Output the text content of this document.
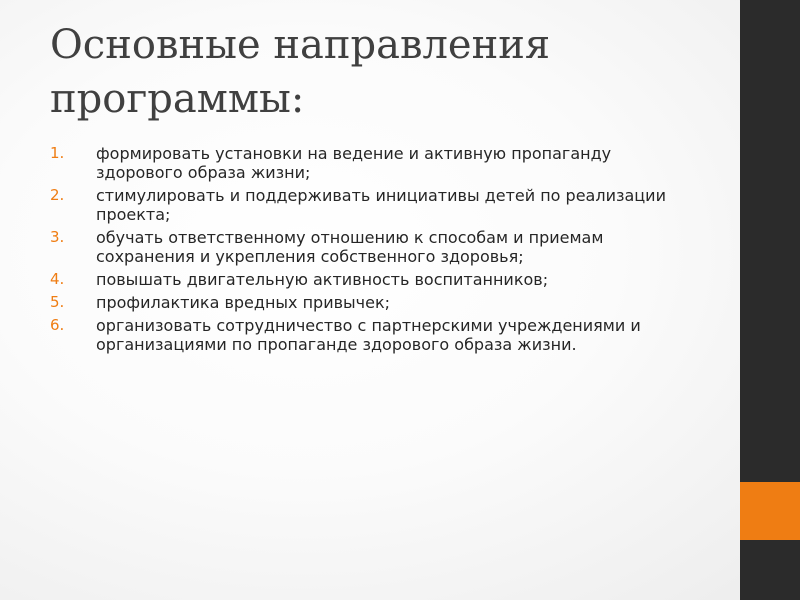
Основные направления
программы:
1.	формировать установки на ведение и активную пропаганду здорового образа жизни;
2.	стимулировать и поддерживать инициативы детей по реализации проекта;
3.	обучать ответственному отношению к способам и приемам сохранения и укрепления собственного здоровья;
4.	повышать двигательную активность воспитанников;
5.	профилактика вредных привычек;
6.	организовать сотрудничество с партнерскими учреждениями и организациями по пропаганде здорового образа жизни.
